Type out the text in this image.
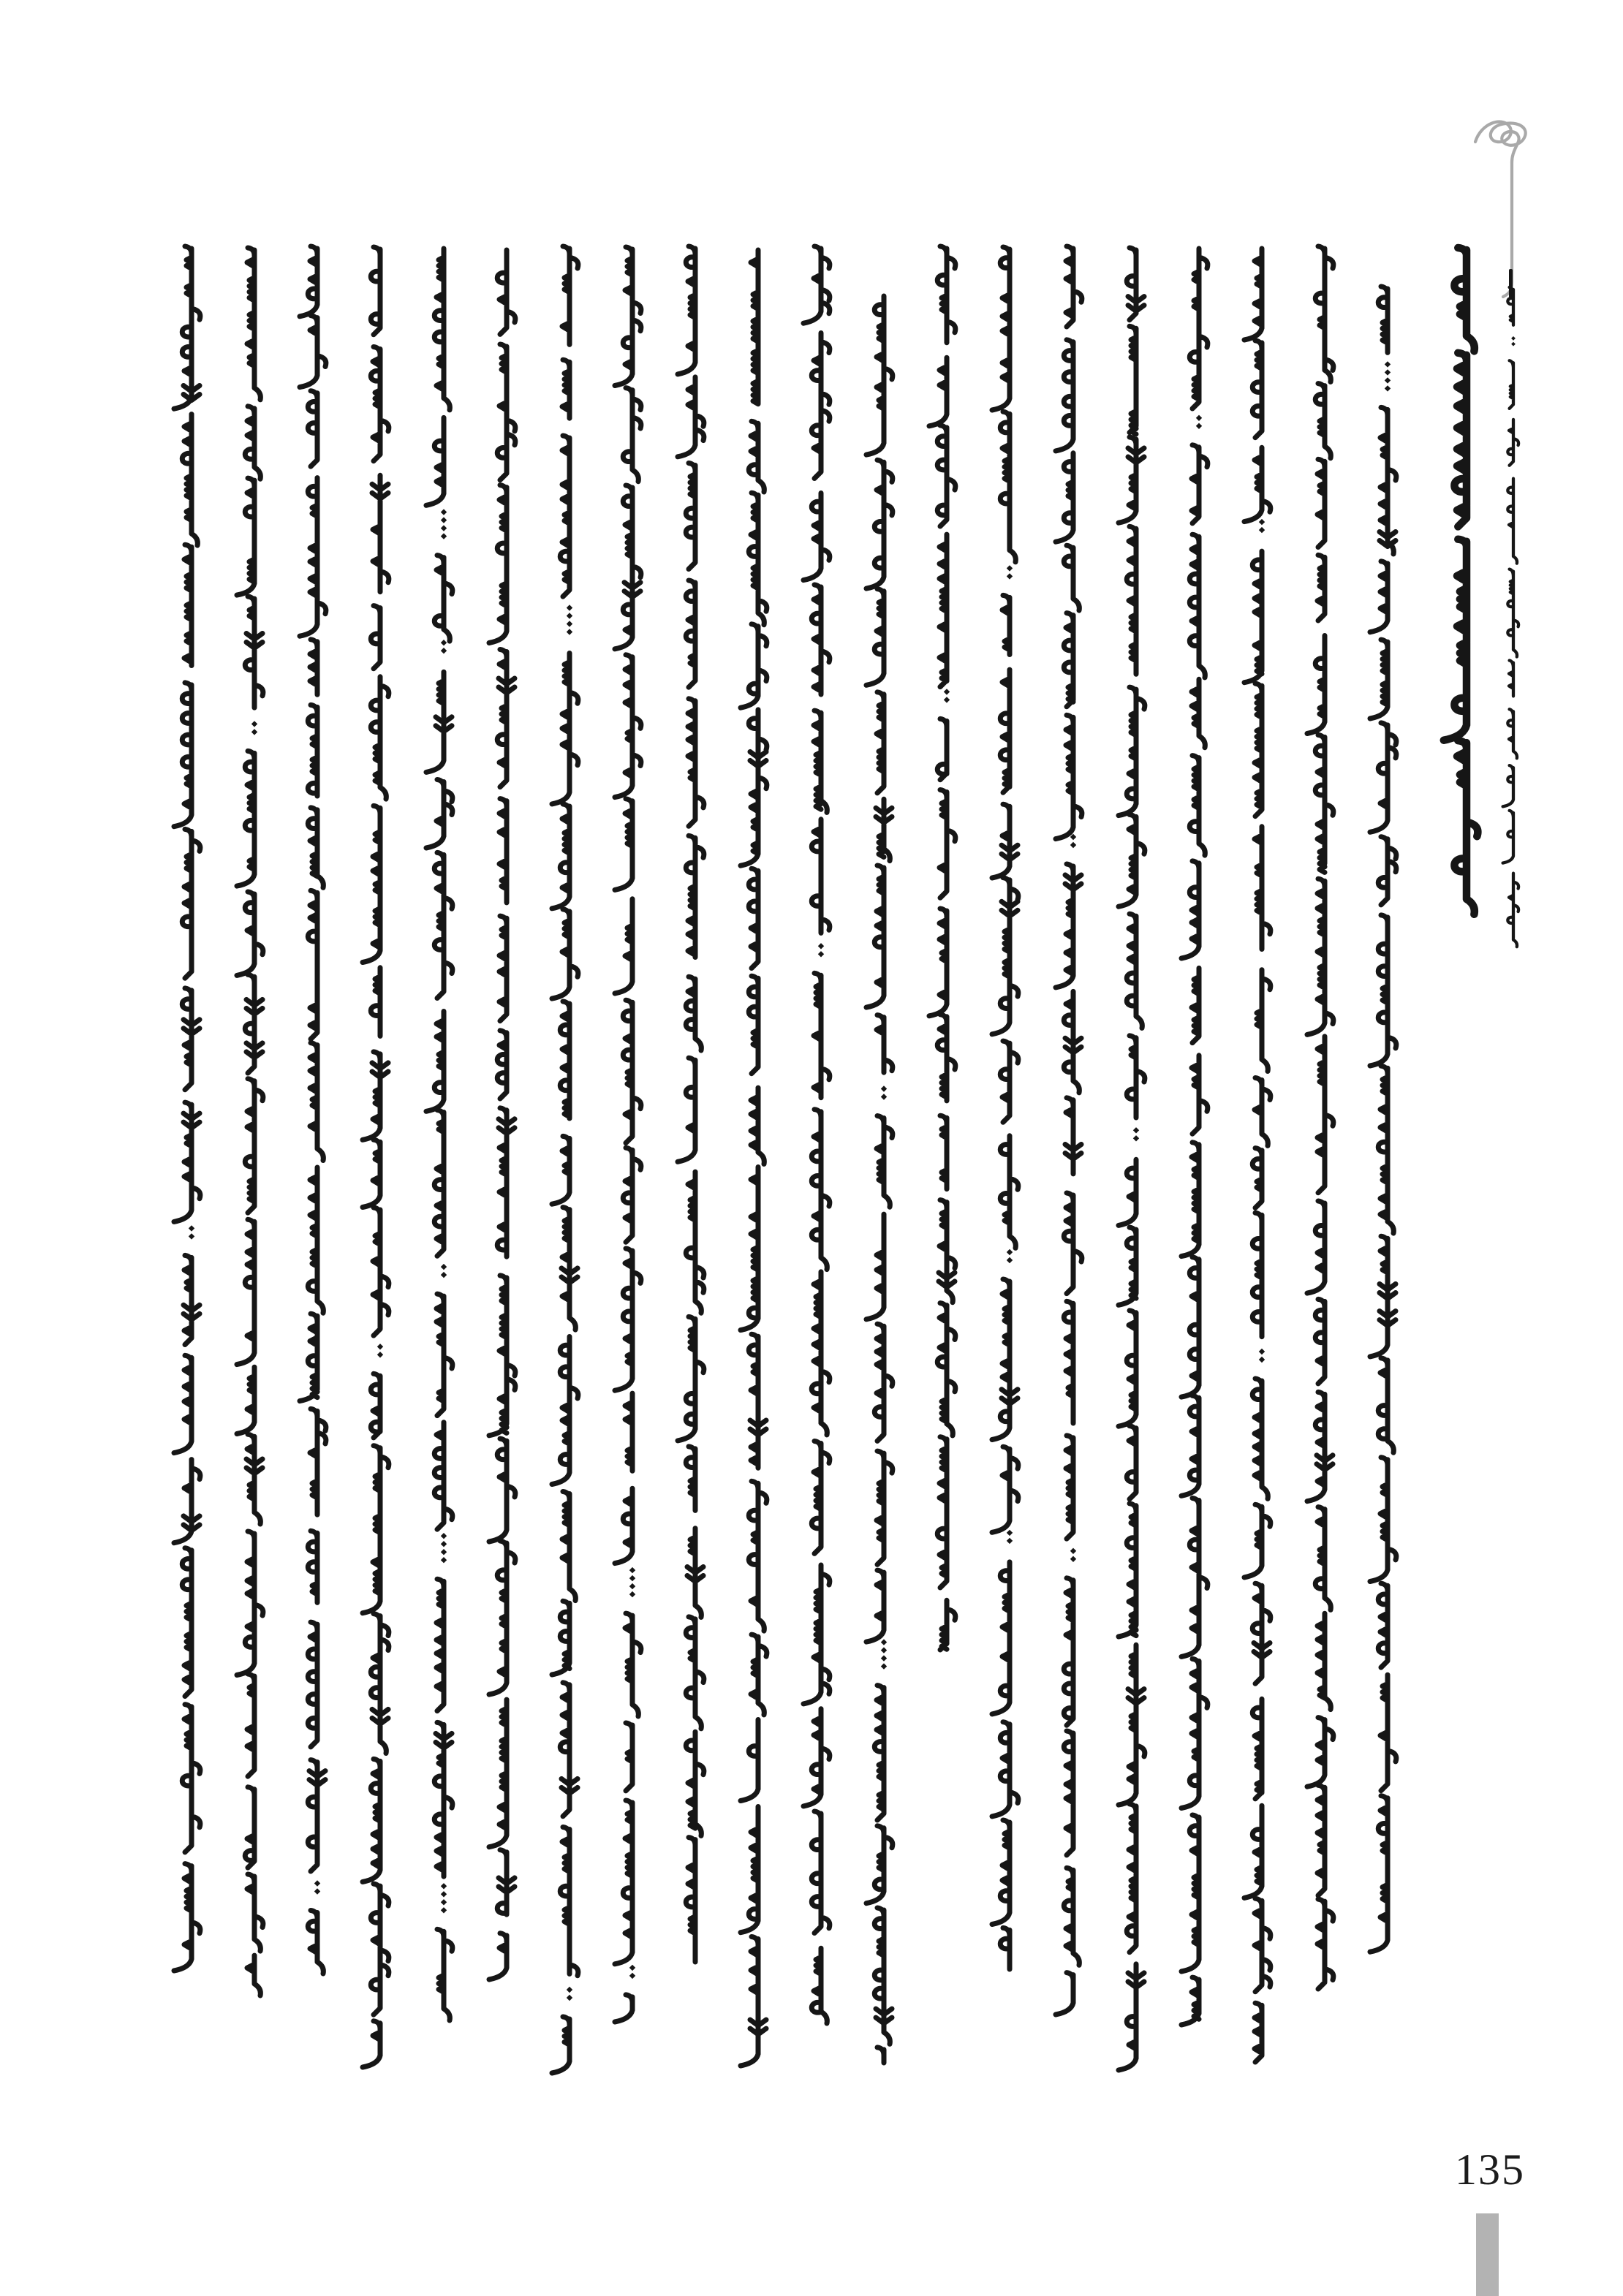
135
